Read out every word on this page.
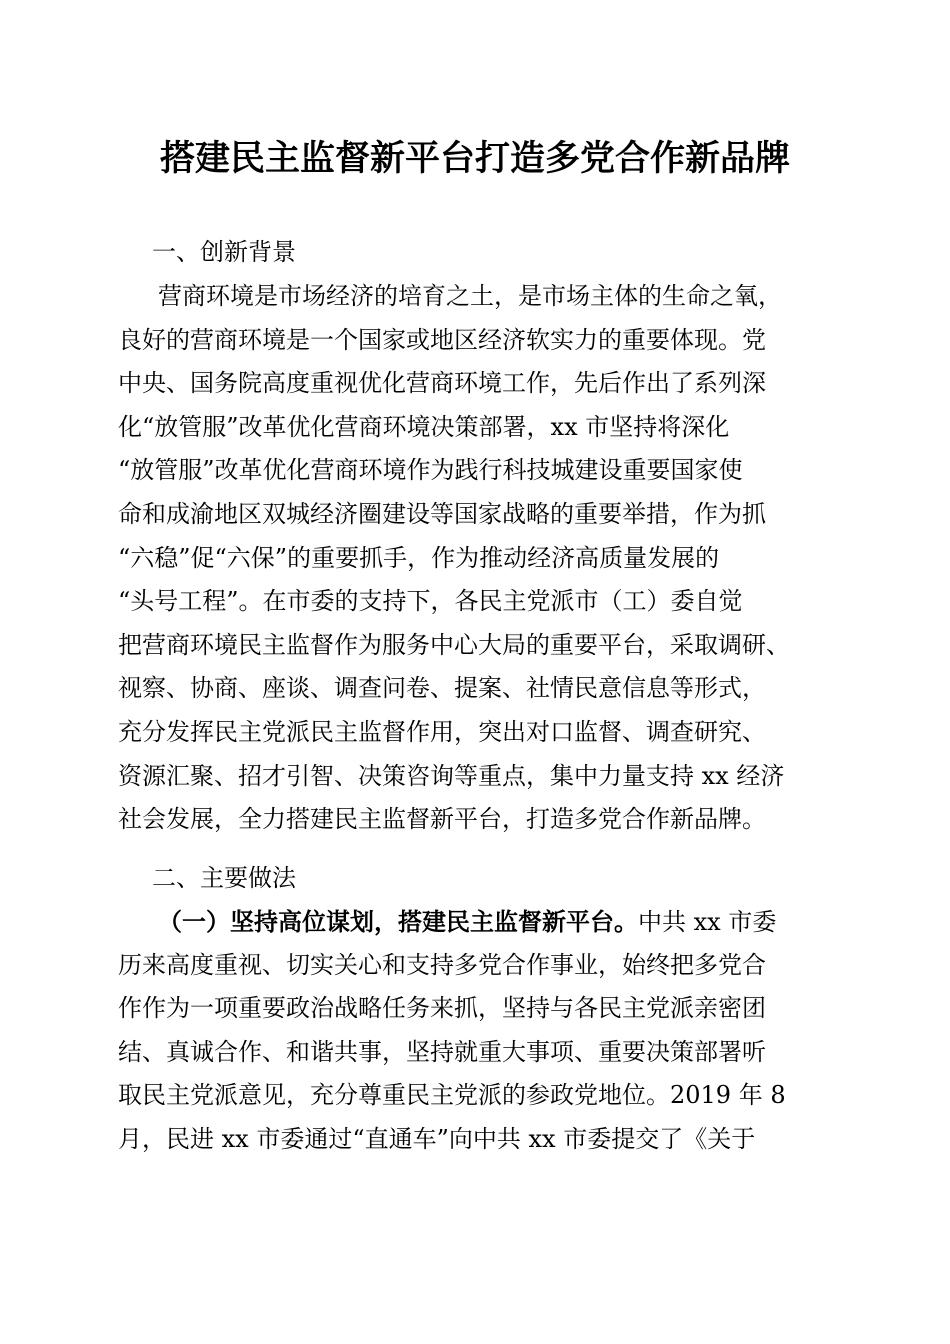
搭建民主监督新平台打造多党合作新品牌
一、创新背景
营商环境是市场经济的培育之土，是市场主体的生命之氧，
良好的营商环境是一个国家或地区经济软实力的重要体现。党
中央、国务院高度重视优化营商环境工作，先后作出了系列深
化“放管服”改革优化营商环境决策部署，xx 市坚持将深化
“放管服”改革优化营商环境作为践行科技城建设重要国家使
命和成渝地区双城经济圈建设等国家战略的重要举措，作为抓
“六稳”促“六保”的重要抓手，作为推动经济高质量发展的
“头号工程”。在市委的支持下，各民主党派市（工）委自觉
把营商环境民主监督作为服务中心大局的重要平台，采取调研、
视察、协商、座谈、调查问卷、提案、社情民意信息等形式，
充分发挥民主党派民主监督作用，突出对口监督、调查研究、
资源汇聚、招才引智、决策咨询等重点，集中力量支持 xx 经济
社会发展，全力搭建民主监督新平台，打造多党合作新品牌。
二、主要做法
（一）坚持高位谋划，搭建民主监督新平台。中共 xx 市委
历来高度重视、切实关心和支持多党合作事业，始终把多党合
作作为一项重要政治战略任务来抓，坚持与各民主党派亲密团
结、真诚合作、和谐共事，坚持就重大事项、重要决策部署听
取民主党派意见，充分尊重民主党派的参政党地位。2019 年 8
月，民进 xx 市委通过“直通车”向中共 xx 市委提交了《关于
